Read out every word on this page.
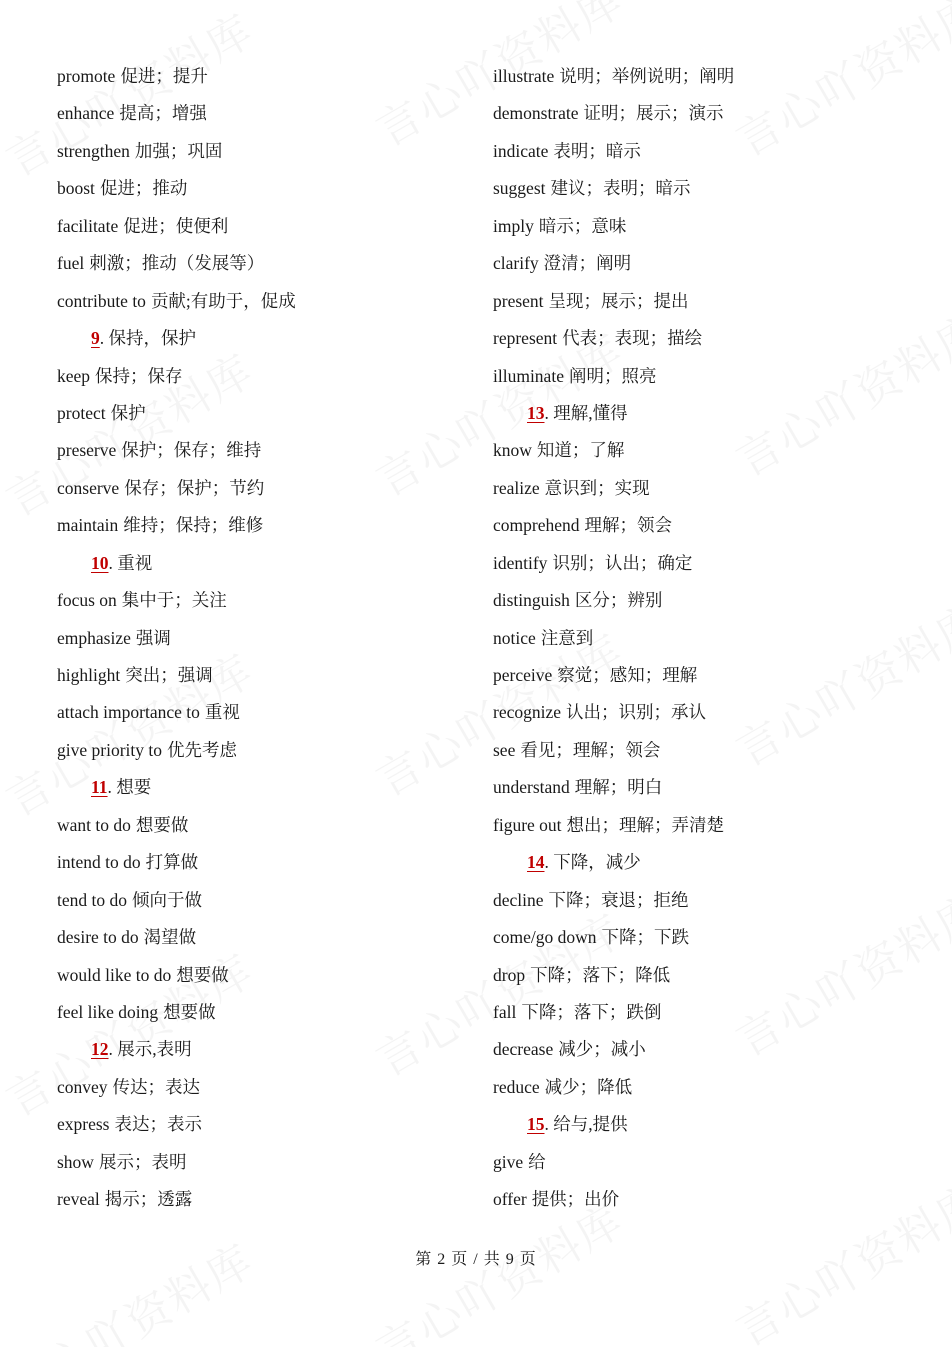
promote 促进；提升
enhance 提高；增强
strengthen 加强；巩固
boost 促进；推动
facilitate 促进；使便利
fuel 刺激；推动（发展等）
contribute to 贡献;有助于，促成
9. 保持，保护
keep 保持；保存
protect 保护
preserve 保护；保存；维持
conserve 保存；保护；节约
maintain 维持；保持；维修
10. 重视
focus on 集中于；关注
emphasize 强调
highlight 突出；强调
attach importance to 重视
give priority to 优先考虑
11. 想要
want to do 想要做
intend to do 打算做
tend to do 倾向于做
desire to do 渴望做
would like to do 想要做
feel like doing 想要做
12. 展示,表明
convey 传达；表达
express 表达；表示
show 展示；表明
reveal 揭示；透露
illustrate 说明；举例说明；阐明
demonstrate 证明；展示；演示
indicate 表明；暗示
suggest 建议；表明；暗示
imply 暗示；意味
clarify 澄清；阐明
present 呈现；展示；提出
represent 代表；表现；描绘
illuminate 阐明；照亮
13. 理解,懂得
know 知道；了解
realize 意识到；实现
comprehend 理解；领会
identify 识别；认出；确定
distinguish 区分；辨别
notice 注意到
perceive 察觉；感知；理解
recognize 认出；识别；承认
see 看见；理解；领会
understand 理解；明白
figure out 想出；理解；弄清楚
14. 下降，减少
decline 下降；衰退；拒绝
come/go down 下降；下跌
drop 下降；落下；降低
fall 下降；落下；跌倒
decrease 减少；减小
reduce 减少；降低
15. 给与,提供
give 给
offer 提供；出价
第 2 页 / 共 9 页
